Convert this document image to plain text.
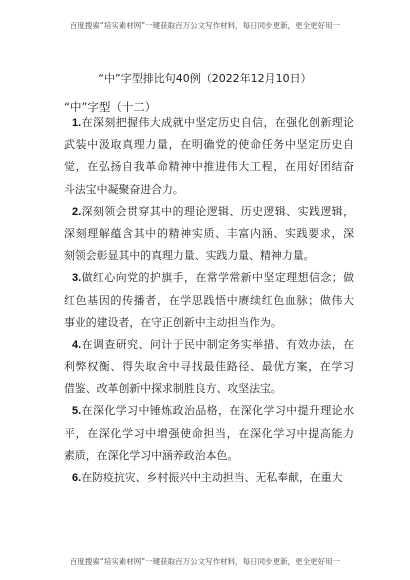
百度搜索“培实素材网”一键获取百万公文写作材料，每日同步更新，更全更好用一
“中”字型排比句40例（2022年12月10日）
“中”字型（十二）
1.在深刻把握伟大成就中坚定历史自信，在强化创新理论
武装中汲取真理力量，在明确党的使命任务中坚定历史自
觉，在弘扬自我革命精神中推进伟大工程，在用好团结奋
斗法宝中凝聚奋进合力。
2.深刻领会贯穿其中的理论逻辑、历史逻辑、实践逻辑，
深刻理解蕴含其中的精神实质、丰富内涵、实践要求，深
刻领会彰显其中的真理力量、实践力量、精神力量。
3.做红心向党的护旗手，在常学常新中坚定理想信念；做
红色基因的传播者，在学思践悟中赓续红色血脉；做伟大
事业的建设者，在守正创新中主动担当作为。
4.在调查研究、问计于民中制定务实举措、有效办法，在
利弊权衡、得失取舍中寻找最佳路径、最优方案，在学习
借鉴、改革创新中探求制胜良方、攻坚法宝。
5.在深化学习中锤炼政治品格，在深化学习中提升理论水
平，在深化学习中增强使命担当，在深化学习中提高能力
素质，在深化学习中涵养政治本色。
6.在防疫抗灾、乡村振兴中主动担当、无私奉献，在重大
百度搜索“培实素材网”一键获取百万公文写作材料，每日同步更新，更全更好用一
